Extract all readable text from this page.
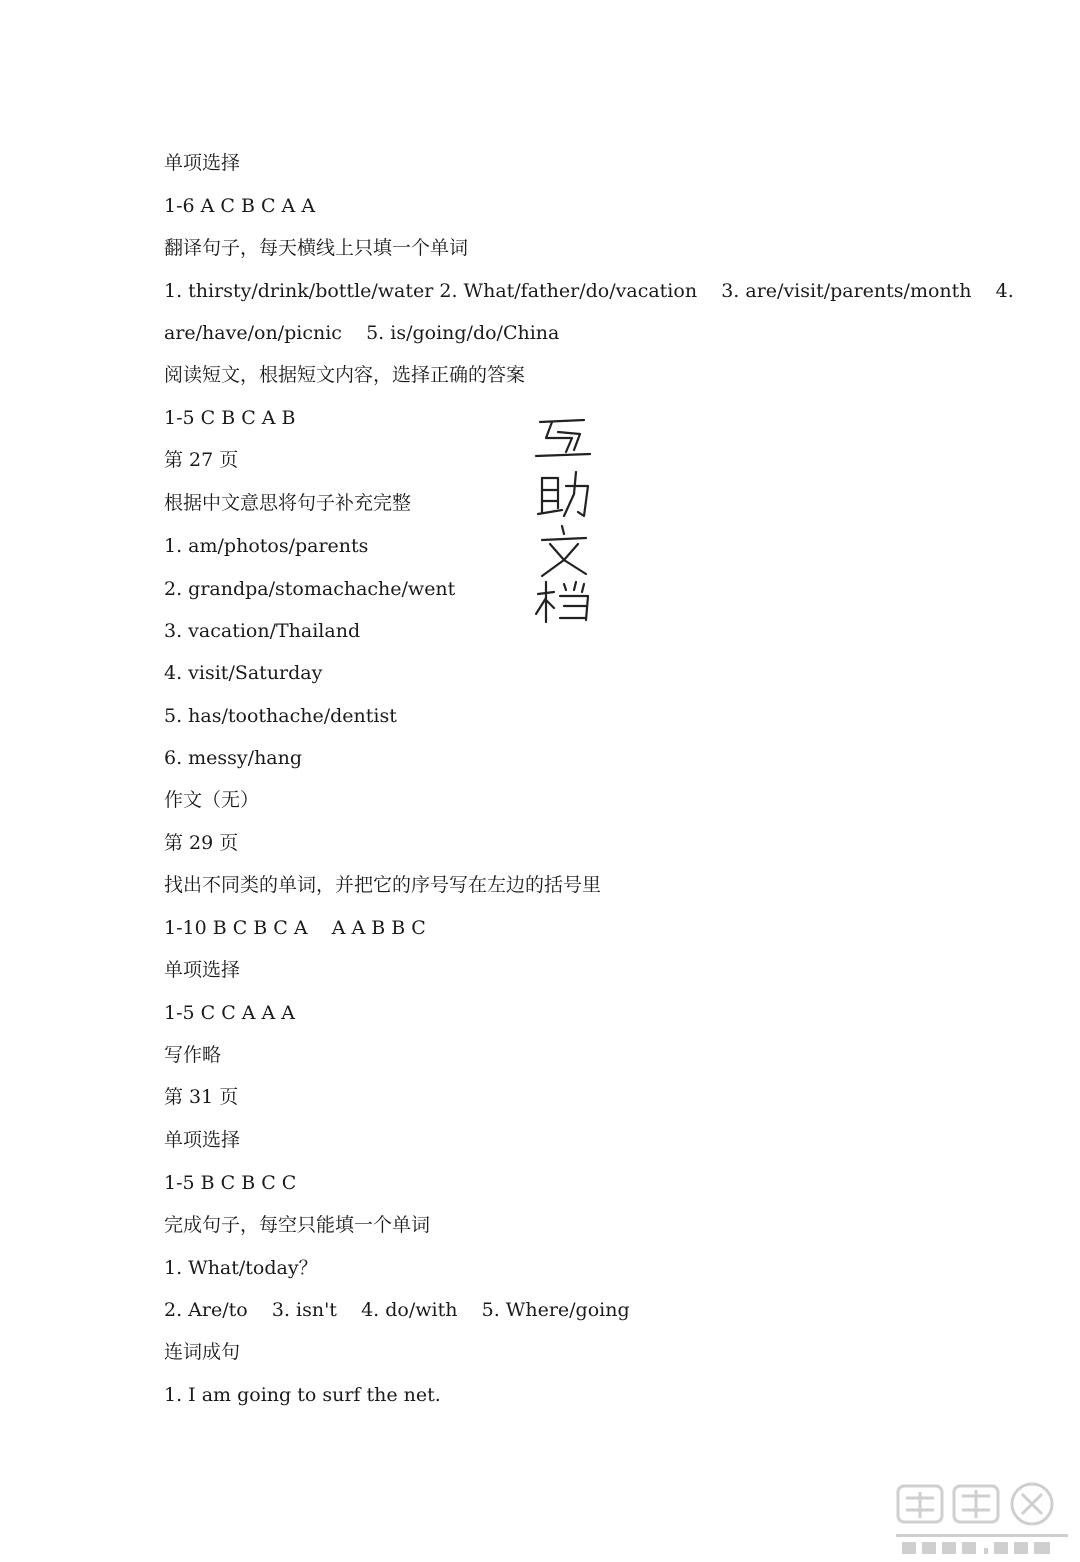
单项选择
1-6 A C B C A A
翻译句子，每天横线上只填一个单词
1. thirsty/drink/bottle/water 2. What/father/do/vacation    3. are/visit/parents/month    4.
are/have/on/picnic    5. is/going/do/China
阅读短文，根据短文内容，选择正确的答案
1-5 C B C A B
第 27 页
根据中文意思将句子补充完整
1. am/photos/parents
2. grandpa/stomachache/went
3. vacation/Thailand
4. visit/Saturday
5. has/toothache/dentist
6. messy/hang
作文（无）
第 29 页
找出不同类的单词，并把它的序号写在左边的括号里
1-10 B C B C A    A A B B C
单项选择
1-5 C C A A A
写作略
第 31 页
单项选择
1-5 B C B C C
完成句子，每空只能填一个单词
1. What/today？
2. Are/to    3. isn't    4. do/with    5. Where/going
连词成句
1. I am going to surf the net.
